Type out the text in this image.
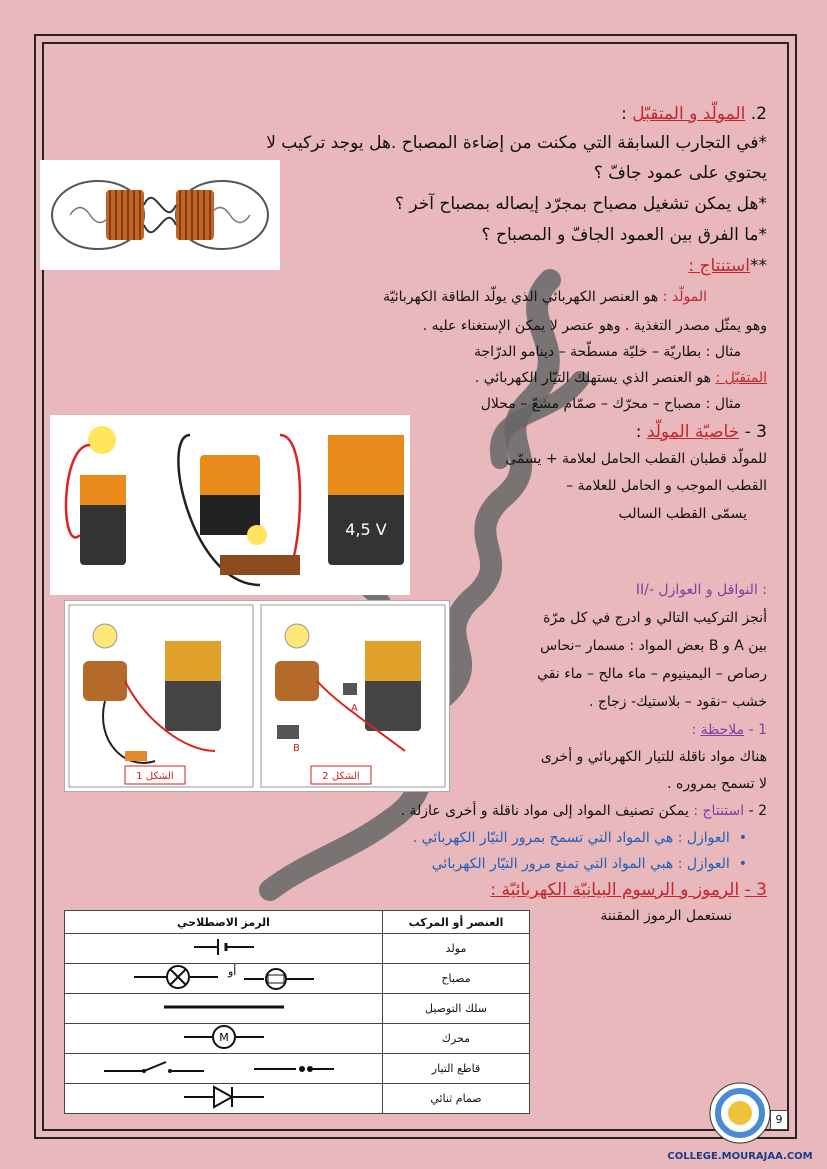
2. المولّد و المتقبّل :
*في التجارب السابقة التي مكنت من إضاءة المصباح .هل يوجد تركيب لا
يحتوي على عمود جافّ ؟
*هل يمكن تشغيل مصباح بمجرّد إيصاله بمصباح آخر ؟
*ما الفرق بين العمود الجافّ و المصباح ؟
**استنتاج :
المولّد : هو العنصر الكهربائي الذي يولّد الطاقة الكهربائيّة
وهو يمثّل مصدر التغذية . وهو عنصر لا يمكن الإستغناء عليه .
مثال : بطاريّة – خليّة مسطّحة – دينامو الدرّاجة
المتقبّل : هو العنصر الذي يستهلك التيّار الكهربائي .
مثال : مصباح – محرّك – صمّام مشعّ – محلال
3 - خاصيّة المولّد :
للمولّد قطبان القطب الحامل لعلامة + يسمّى
القطب الموجب و الحامل للعلامة –
يسمّى القطب السالب
4,5 V
II/- النواقل و العوازل :
أنجز التركيب التالي و ادرج في كل مرّة
بين A و B بعض المواد : مسمار –نحاس
رصاص – اليمينيوم – ماء مالح – ماء نقي
خشب –نقود – بلاستيك- زجاج .
1 - ملاحظة :
هناك مواد ناقلة للتيار الكهربائي و أخرى
لا تسمح بمروره .
2 - استنتاج : يمكن تصنيف المواد إلى مواد ناقلة و أخرى عازلة .
•  العوازل : هي المواد التي تسمح بمرور التيّار الكهربائي .
•  العوازل : هبي المواد التي تمنع مرور التيّار الكهربائي
A
B
الشكل 1	الشكل 2
3 - الرموز و الرسوم البيانيّة الكهربائيّة :
نستعمل الرموز المقننة
الرمز الاصطلاحي	العنصر أو المركب
	مولد

أو	مصباح
	سلك التوصيل

M	محرك
	قاطع التيار
	صمام ثنائي
COLLEGE.MOURAJAA.COM
9
